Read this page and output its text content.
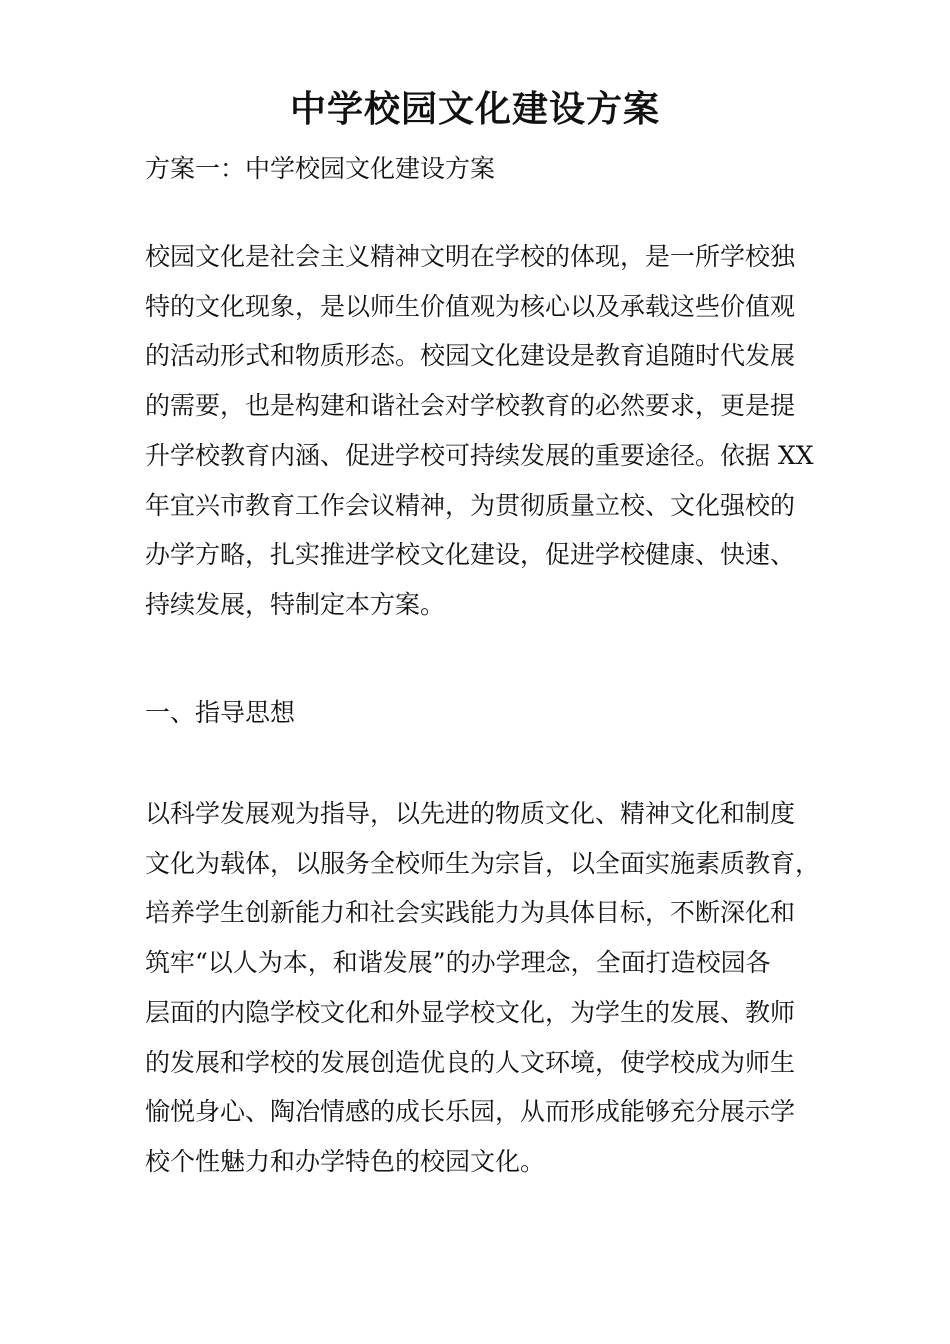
中学校园文化建设方案
方案一：中学校园文化建设方案
校园文化是社会主义精神文明在学校的体现，是一所学校独
特的文化现象，是以师生价值观为核心以及承载这些价值观
的活动形式和物质形态。校园文化建设是教育追随时代发展
的需要，也是构建和谐社会对学校教育的必然要求，更是提
升学校教育内涵、促进学校可持续发展的重要途径。依据 XX
年宜兴市教育工作会议精神，为贯彻质量立校、文化强校的
办学方略，扎实推进学校文化建设，促进学校健康、快速、
持续发展，特制定本方案。
一、指导思想
以科学发展观为指导，以先进的物质文化、精神文化和制度
文化为载体，以服务全校师生为宗旨，以全面实施素质教育，
培养学生创新能力和社会实践能力为具体目标，不断深化和
筑牢“以人为本，和谐发展”的办学理念，全面打造校园各
层面的内隐学校文化和外显学校文化，为学生的发展、教师
的发展和学校的发展创造优良的人文环境，使学校成为师生
愉悦身心、陶冶情感的成长乐园，从而形成能够充分展示学
校个性魅力和办学特色的校园文化。
